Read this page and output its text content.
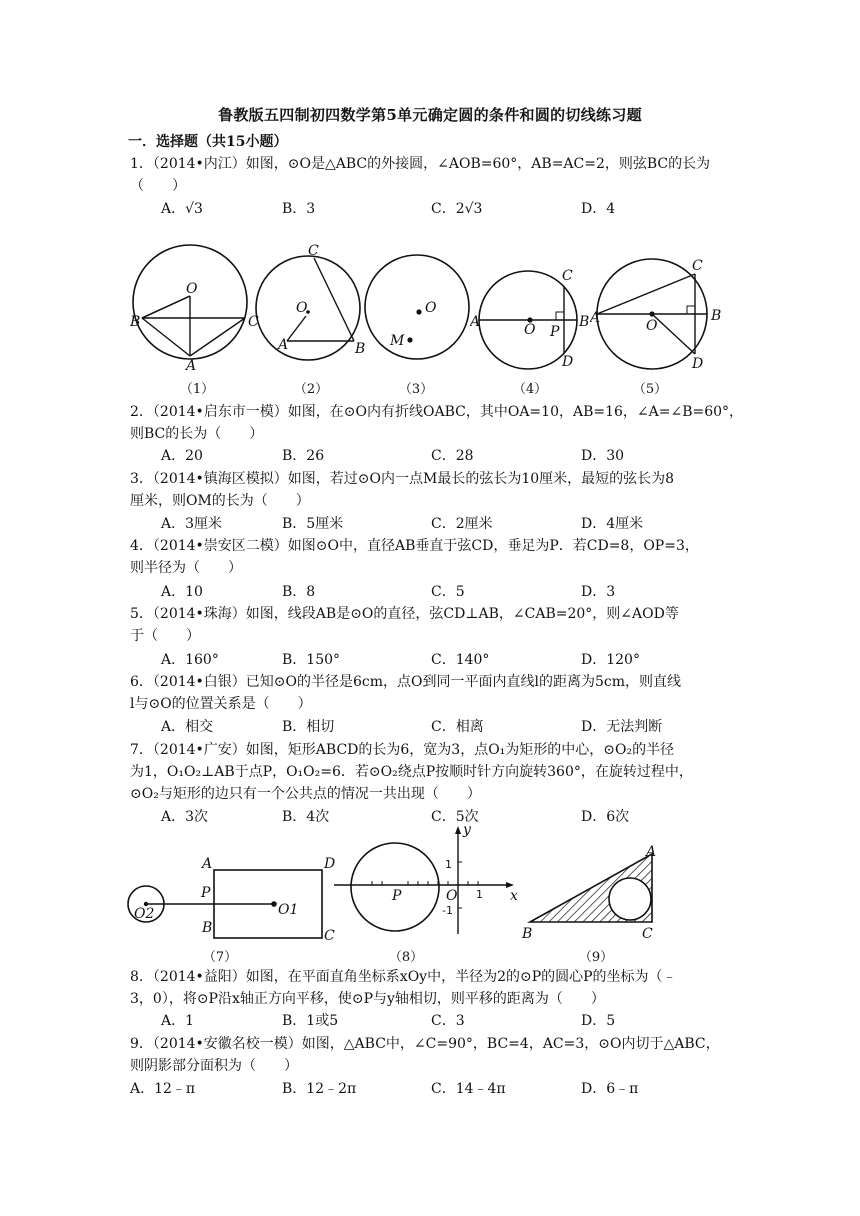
鲁教版五四制初四数学第5单元确定圆的条件和圆的切线练习题
一．选择题（共15小题）
1．（2014•内江）如图，⊙O是△ABC的外接圆，∠AOB=60°，AB=AC=2，则弦BC的长为
（　　）
A．√3	B．3	C．2√3	D．4
O
B	C
A
C
O
A	B
O
M
C
A	O P
B
D
C
A	O
B
D
（1）	（2）	（3）	（4）	（5）
2．（2014•启东市一模）如图，在⊙O内有折线OABC，其中OA=10，AB=16，∠A=∠B=60°，
则BC的长为（　　）
A．20	B．26	C．28	D．30
3．（2014•镇海区模拟）如图，若过⊙O内一点M最长的弦长为10厘米，最短的弦长为8
厘米，则OM的长为（　　）
A．3厘米	B．5厘米	C．2厘米	D．4厘米
4．（2014•崇安区二模）如图⊙O中，直径AB垂直于弦CD，垂足为P．若CD=8，OP=3，
则半径为（　　）
A．10	B．8	C．5	D．3
5．（2014•珠海）如图，线段AB是⊙O的直径，弦CD⊥AB，∠CAB=20°，则∠AOD等
于（　　）
A．160°	B．150°	C．140°	D．120°
6．（2014•白银）已知⊙O的半径是6cm，点O到同一平面内直线l的距离为5cm，则直线
l与⊙O的位置关系是（　　）
A．相交	B．相切	C．相离	D．无法判断
7．（2014•广安）如图，矩形ABCD的长为6，宽为3，点O₁为矩形的中心，⊙O₂的半径
为1，O₁O₂⊥AB于点P，O₁O₂=6．若⊙O₂绕点P按顺时针方向旋转360°，在旋转过程中，
⊙O₂与矩形的边只有一个公共点的情况一共出现（　　）
A．3次	B．4次	C．5次	D．6次
A	D
P
O1
O2
B	C
y
1
P	O 1 x
-1
A
B	C
（7）	（8）	（9）
8．（2014•益阳）如图，在平面直角坐标系xOy中，半径为2的⊙P的圆心P的坐标为（﹣
3，0），将⊙P沿x轴正方向平移，使⊙P与y轴相切，则平移的距离为（　　）
A．1	B．1或5	C．3	D．5
9．（2014•安徽名校一模）如图，△ABC中，∠C=90°，BC=4，AC=3，⊙O内切于△ABC，
则阴影部分面积为（　　）
A．12﹣π	B．12﹣2π	C．14﹣4π	D．6﹣π
